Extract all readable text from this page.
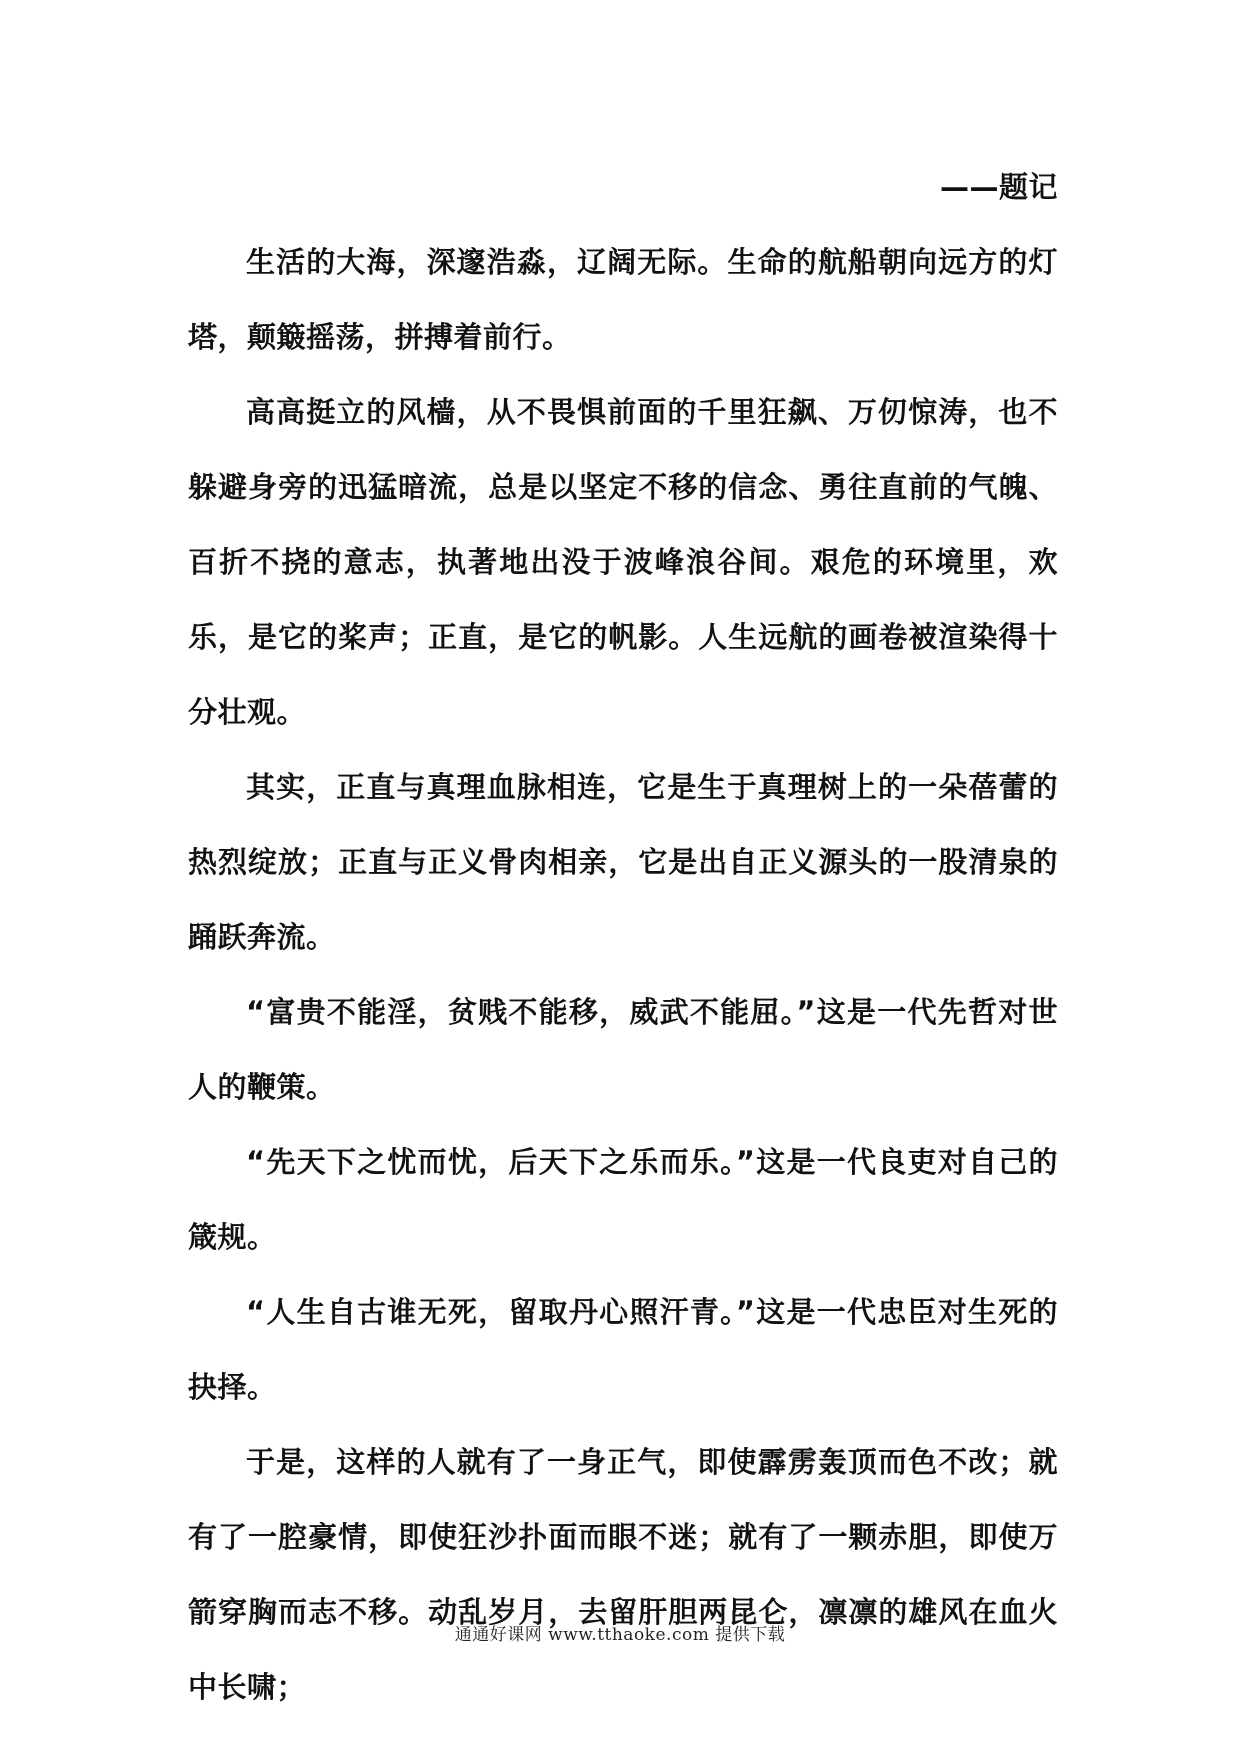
——题记

生活的大海，深邃浩淼，辽阔无际。生命的航船朝向远方的灯塔，颠簸摇荡，拼搏着前行。

高高挺立的风樯，从不畏惧前面的千里狂飙、万仞惊涛，也不躲避身旁的迅猛暗流，总是以坚定不移的信念、勇往直前的气魄、百折不挠的意志，执著地出没于波峰浪谷间。艰危的环境里，欢乐，是它的桨声；正直，是它的帆影。人生远航的画卷被渲染得十分壮观。

其实，正直与真理血脉相连，它是生于真理树上的一朵蓓蕾的热烈绽放；正直与正义骨肉相亲，它是出自正义源头的一股清泉的踊跃奔流。

“富贵不能淫，贫贱不能移，威武不能屈。”这是一代先哲对世人的鞭策。

“先天下之忧而忧，后天下之乐而乐。”这是一代良吏对自己的箴规。

“人生自古谁无死，留取丹心照汗青。”这是一代忠臣对生死的抉择。

于是，这样的人就有了一身正气，即使霹雳轰顶而色不改；就有了一腔豪情，即使狂沙扑面而眼不迷；就有了一颗赤胆，即使万箭穿胸而志不移。动乱岁月，去留肝胆两昆仑，凛凛的雄风在血火中长啸；

通通好课网 www.tthaoke.com 提供下载
